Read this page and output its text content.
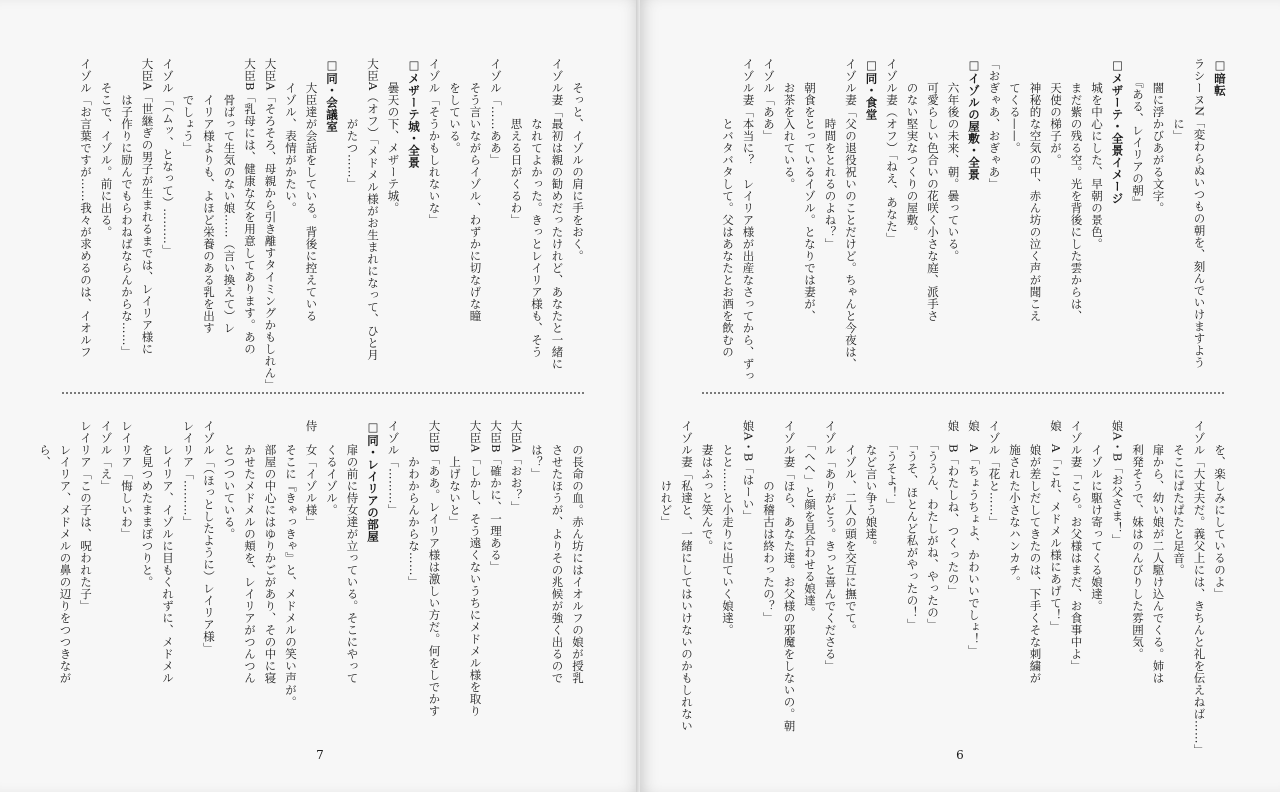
　　そっと、イゾルの肩に手をおく。
イゾル妻「最初は親の勧めだったけれど、あなたと一緒に
　　　　　なれてよかった。きっとレイリア様も、そう
　　　　　思える日がくるわ」
イゾル「……ああ」
　　そう言いながらイゾル、わずかに切なげな瞳
　　をしている。
イゾル「そうかもしれないな」
□メザーテ城・全景
　　曇天の下、メザーテ城。
大臣A（オフ）「メドメル様がお生まれになって、ひと月
　　　　　がたつ……」
□同・会議室
　　大臣達が会話をしている。背後に控えている
　　イゾル、表情がかたい。
大臣A「そろそろ、母親から引き離すタイミングかもしれん」
大臣B「乳母には、健康な女を用意してあります。あの
　　　骨ばって生気のない娘……（言い換えて）レ
　　　イリア様よりも、よほど栄養のある乳を出す
　　　でしょう」
イゾル「（ムッ、となって）………」
大臣A「世継ぎの男子が生まれるまでは、レイリア様に
　　　は子作りに励んでもらわねばならんからな……」
　　そこで、イゾル。前に出る。
イゾル「お言葉ですが……我々が求めるのは、イオルフ
　　の長命の血。赤ん坊にはイオルフの娘が授乳
　　させたほうが、よりその兆候が強く出るので
　　は？」
大臣A「おお？」
大臣B「確かに、一理ある」
大臣A「しかし、そう遠くないうちにメドメル様を取り
　　　上げないと」
大臣B「ああ。レイリア様は激しい方だ。何をしでかす
　　　かわからんからな……」
イゾル「………」
□同・レイリアの部屋
　　扉の前に侍女達が立っている。そこにやって
　　くるイゾル。
侍　女「イゾル様」
　　そこに『きゃっきゃ』と、メドメルの笑い声が。
　　部屋の中心にはゆりかごがあり、その中に寝
　　かせたメドメルの頬を、レイリアがつんつん
　　とつついている。
イゾル「（ほっとしたように）レイリア様」
レイリア「………」
　　レイリア、イゾルに目もくれずに、メドメル
　　を見つめたままぽつりと。
レイリア「悔しいわ」
イゾル「え」
レイリア「この子は、呪われた子」
　　レイリア、メドメルの鼻の辺りをつつきなが
　　ら、
7
□暗転
ラシーヌN「変わらぬいつもの朝を、刻んでいけますよう
　　　　　に」
　　闇に浮かびあがる文字。
　　『ある、レイリアの朝』
□メザーテ・全景イメージ
　　城を中心にした、早朝の景色。
　　まだ紫の残る空。光を背後にした雲からは、
　　天使の梯子が。
　　神秘的な空気の中、赤ん坊の泣く声が聞こえ
　　てくる——。
「おぎゃあ、おぎゃあ」
□イゾルの屋敷・全景
　　六年後の未来、朝。曇っている。
　　可愛らしい色合いの花咲く小さな庭、派手さ
　　のない堅実なつくりの屋敷。
イゾル妻（オフ）「ねえ、あなた」
□同・食堂
イゾル妻「父の退役祝いのことだけど。ちゃんと今夜は、
　　　　　時間をとれるのよね？」
　　朝食をとっているイゾル。となりでは妻が、
　　お茶を入れている。
イゾル「ああ」
イゾル妻「本当に？　レイリア様が出産なさってから、ずっ
　　　　　とバタバタして。父はあなたとお酒を飲むの
　　を、楽しみにしているのよ」
イゾル「大丈夫だ。義父上には、きちんと礼を伝えねば……」
　　そこにぱたぱたと足音。
　　扉から、幼い娘が二人駆け込んでくる。姉は
　　利発そうで、妹はのんびりした雰囲気。
娘A・B「お父さま！」
　　イゾルに駆け寄ってくる娘達。
イゾル妻「こら。お父様はまだ、お食事中よ」
娘　A「これ、メドメル様にあげて！」
　　娘が差しだしてきたのは、下手くそな刺繍が
　　施された小さなハンカチ。
イゾル「花と……」
娘　A「ちょうちょよ、かわいいでしょ！」
娘　B「わたしね、つくったの」
　　「ううん、わたしがね、やったの」
　　「うそ、ほとんど私がやったの！」
　　「うそよ！」
　　など言い争う娘達。
　　イゾル、二人の頭を交互に撫でて。
イゾル「ありがとう。きっと喜んでくださる」
　　「へへ」と顔を見合わせる娘達。
イゾル妻「ほら、あなた達。お父様の邪魔をしないの。朝
　　　　　のお稽古は終わったの？」
娘A・B「はーい」
　　とと……と小走りに出ていく娘達。
　　妻はふっと笑んで。
イゾル妻「私達と、一緒にしてはいけないのかもしれない
　　　　　けれど」
6
